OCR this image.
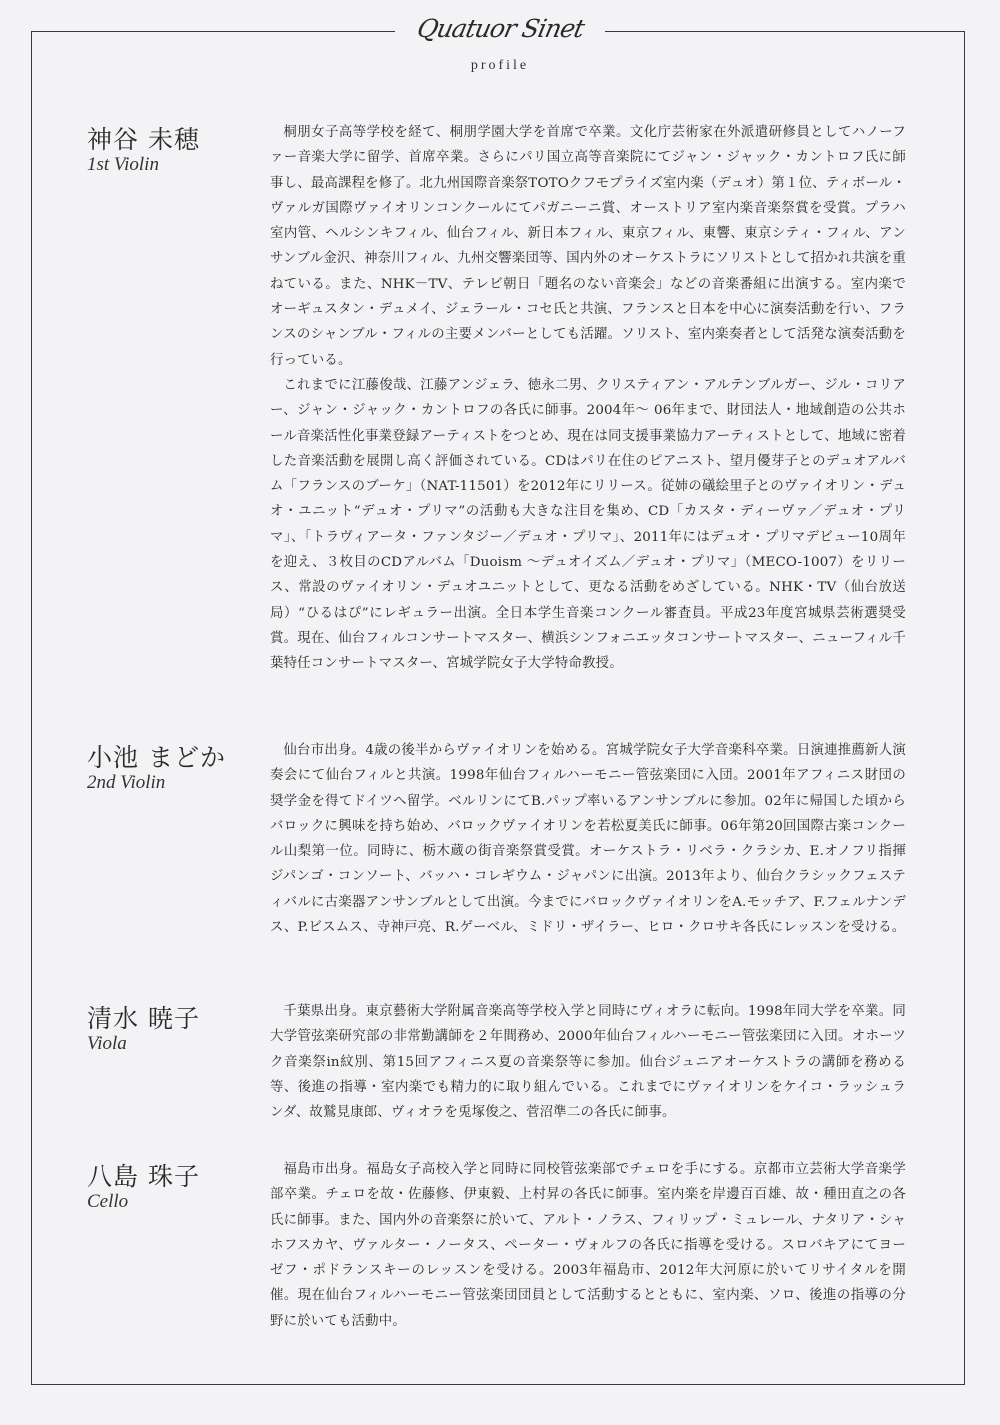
Quatuor Sinet
profile
神谷 未穂
1st Violin

桐朋女子高等学校を経て、桐朋学園大学を首席で卒業。文化庁芸術家在外派遣研修員としてハノーファー音楽大学に留学、首席卒業。さらにパリ国立高等音楽院にてジャン・ジャック・カントロフ氏に師事し、最高課程を修了。北九州国際音楽祭TOTOクフモプライズ室内楽（デュオ）第１位、ティボール・ヴァルガ国際ヴァイオリンコンクールにてパガニーニ賞、オーストリア室内楽音楽祭賞を受賞。プラハ室内管、ヘルシンキフィル、仙台フィル、新日本フィル、東京フィル、東響、東京シティ・フィル、アンサンブル金沢、神奈川フィル、九州交響楽団等、国内外のオーケストラにソリストとして招かれ共演を重ねている。また、NHK－TV、テレビ朝日「題名のない音楽会」などの音楽番組に出演する。室内楽でオーギュスタン・デュメイ、ジェラール・コセ氏と共演、フランスと日本を中心に演奏活動を行い、フランスのシャンブル・フィルの主要メンバーとしても活躍。ソリスト、室内楽奏者として活発な演奏活動を行っている。

これまでに江藤俊哉、江藤アンジェラ、徳永二男、クリスティアン・アルテンブルガー、ジル・コリアー、ジャン・ジャック・カントロフの各氏に師事。2004年～ 06年まで、財団法人・地域創造の公共ホール音楽活性化事業登録アーティストをつとめ、現在は同支援事業協力アーティストとして、地域に密着した音楽活動を展開し高く評価されている。CDはパリ在住のピアニスト、望月優芽子とのデュオアルバム「フランスのブーケ」（NAT-11501）を2012年にリリース。従姉の礒絵里子とのヴァイオリン・デュオ・ユニット“デュオ・プリマ”の活動も大きな注目を集め、CD「カスタ・ディーヴァ／デュオ・プリマ」、「トラヴィアータ・ファンタジー／デュオ・プリマ」、2011年にはデュオ・プリマデビュー10周年を迎え、３枚目のCDアルバム「Duoism ～デュオイズム／デュオ・プリマ」（MECO-1007）をリリース、常設のヴァイオリン・デュオユニットとして、更なる活動をめざしている。NHK・TV（仙台放送局）“ひるはぴ”にレギュラー出演。全日本学生音楽コンクール審査員。平成23年度宮城県芸術選奨受賞。現在、仙台フィルコンサートマスター、横浜シンフォニエッタコンサートマスター、ニューフィル千葉特任コンサートマスター、宮城学院女子大学特命教授。

小池 まどか
2nd Violin

仙台市出身。4歳の後半からヴァイオリンを始める。宮城学院女子大学音楽科卒業。日演連推薦新人演奏会にて仙台フィルと共演。1998年仙台フィルハーモニー管弦楽団に入団。2001年アフィニス財団の奨学金を得てドイツへ留学。ベルリンにてB.パップ率いるアンサンブルに参加。02年に帰国した頃からバロックに興味を持ち始め、バロックヴァイオリンを若松夏美氏に師事。06年第20回国際古楽コンクール山梨第一位。同時に、栃木蔵の街音楽祭賞受賞。オーケストラ・リベラ・クラシカ、E.オノフリ指揮ジパンゴ・コンソート、バッハ・コレギウム・ジャパンに出演。2013年より、仙台クラシックフェスティバルに古楽器アンサンブルとして出演。今までにバロックヴァイオリンをA.モッチア、F.フェルナンデス、P.ビスムス、寺神戸亮、R.ゲーベル、ミドリ・ザイラー、ヒロ・クロサキ各氏にレッスンを受ける。

清水 暁子
Viola

千葉県出身。東京藝術大学附属音楽高等学校入学と同時にヴィオラに転向。1998年同大学を卒業。同大学管弦楽研究部の非常勤講師を２年間務め、2000年仙台フィルハーモニー管弦楽団に入団。オホーツク音楽祭in紋別、第15回アフィニス夏の音楽祭等に参加。仙台ジュニアオーケストラの講師を務める等、後進の指導・室内楽でも精力的に取り組んでいる。これまでにヴァイオリンをケイコ・ラッシュランダ、故鷲見康郎、ヴィオラを兎塚俊之、菅沼準二の各氏に師事。

八島 珠子
Cello

福島市出身。福島女子高校入学と同時に同校管弦楽部でチェロを手にする。京都市立芸術大学音楽学部卒業。チェロを故・佐藤修、伊東毅、上村昇の各氏に師事。室内楽を岸邊百百雄、故・種田直之の各氏に師事。また、国内外の音楽祭に於いて、アルト・ノラス、フィリップ・ミュレール、ナタリア・シャホフスカヤ、ヴァルター・ノータス、ペーター・ヴォルフの各氏に指導を受ける。スロバキアにてヨーゼフ・ポドランスキーのレッスンを受ける。2003年福島市、2012年大河原に於いてリサイタルを開催。現在仙台フィルハーモニー管弦楽団団員として活動するとともに、室内楽、ソロ、後進の指導の分野に於いても活動中。
